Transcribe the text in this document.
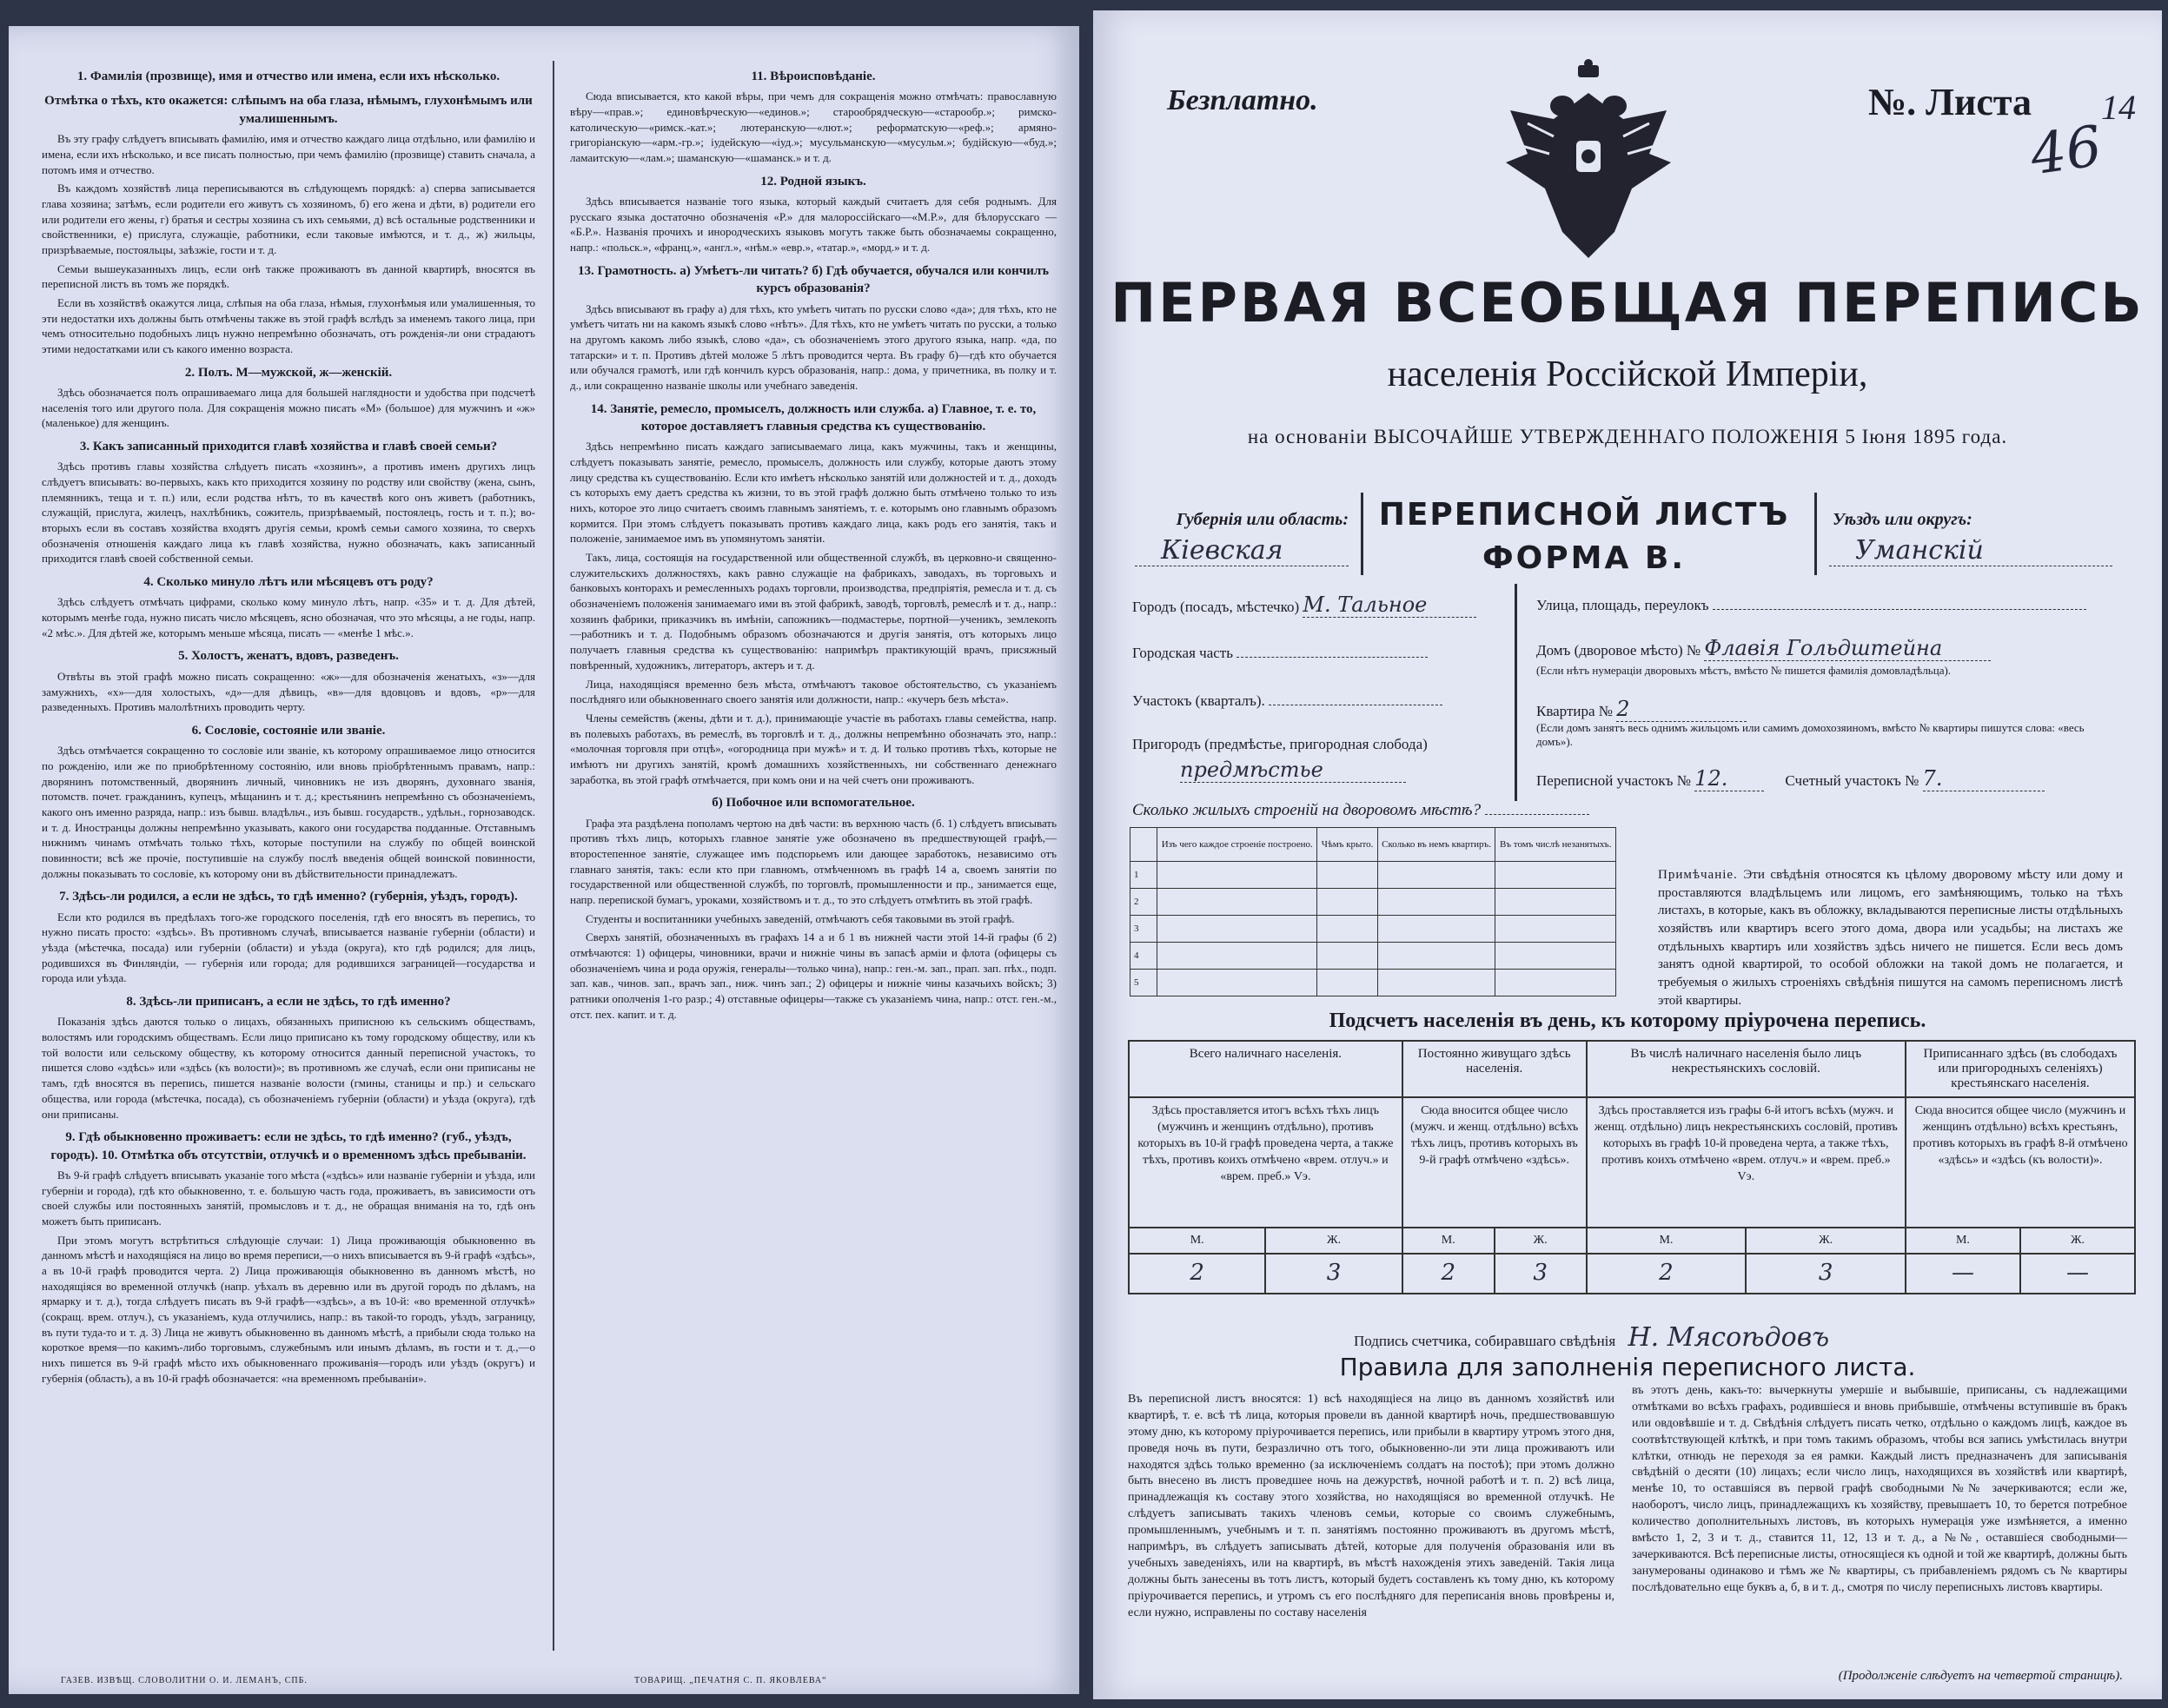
1. Фамилія (прозвище), имя и отчество или имена, если ихъ нѣсколько.
Отмѣтка о тѣхъ, кто окажется: слѣпымъ на оба глаза, нѣмымъ, глухонѣмымъ или умалишеннымъ.

Въ эту графу слѣдуетъ вписывать фамилію, имя и отчество каждаго лица отдѣльно, или фамилію и имена, если ихъ нѣсколько, и все писать полностью, при чемъ фамилію (прозвище) ставить сначала, а потомъ имя и отчество.

Въ каждомъ хозяйствѣ лица переписываются въ слѣдующемъ порядкѣ: а) сперва записывается глава хозяина; затѣмъ, если родители его живутъ съ хозяиномъ, б) его жена и дѣти, в) родители его или родители его жены, г) братья и сестры хозяина съ ихъ семьями, д) всѣ остальные родственники и свойственники, е) прислуга, служащіе, работники, если таковые имѣются, и т. д., ж) жильцы, призрѣваемые, постояльцы, заѣзжіе, гости и т. д.

Семьи вышеуказанныхъ лицъ, если онѣ также проживаютъ въ данной квартирѣ, вносятся въ переписной листъ въ томъ же порядкѣ.

Если въ хозяйствѣ окажутся лица, слѣпыя на оба глаза, нѣмыя, глухонѣмыя или умалишенныя, то эти недостатки ихъ должны быть отмѣчены также въ этой графѣ вслѣдъ за именемъ такого лица, при чемъ относительно подобныхъ лицъ нужно непремѣнно обозначать, отъ рожденія-ли они страдаютъ этими недостатками или съ какого именно возраста.

2. Полъ. М—мужской, ж—женскій.

Здѣсь обозначается полъ опрашиваемаго лица для большей наглядности и удобства при подсчетѣ населенія того или другого пола. Для сокращенія можно писать «М» (большое) для мужчинъ и «ж» (маленькое) для женщинъ.

3. Какъ записанный приходится главѣ хозяйства и главѣ своей семьи?

Здѣсь противъ главы хозяйства слѣдуетъ писать «хозяинъ», а противъ именъ другихъ лицъ слѣдуетъ вписывать: во-первыхъ, какъ кто приходится хозяину по родству или свойству (жена, сынъ, племянникъ, теща и т. п.) или, если родства нѣтъ, то въ качествѣ кого онъ живетъ (работникъ, служащій, прислуга, жилецъ, нахлѣбникъ, сожитель, призрѣваемый, постоялецъ, гость и т. п.); во-вторыхъ если въ составъ хозяйства входятъ другія семьи, кромѣ семьи самого хозяина, то сверхъ обозначенія отношенія каждаго лица къ главѣ хозяйства, нужно обозначать, какъ записанный приходится главѣ своей собственной семьи.

4. Сколько минуло лѣтъ или мѣсяцевъ отъ роду?

Здѣсь слѣдуетъ отмѣчать цифрами, сколько кому минуло лѣтъ, напр. «35» и т. д. Для дѣтей, которымъ менѣе года, нужно писать число мѣсяцевъ, ясно обозначая, что это мѣсяцы, а не годы, напр. «2 мѣс.». Для дѣтей же, которымъ меньше мѣсяца, писать — «менѣе 1 мѣс.».

5. Холостъ, женатъ, вдовъ, разведенъ.

Отвѣты въ этой графѣ можно писать сокращенно: «ж»—для обозначенія женатыхъ, «з»—для замужнихъ, «х»—для холостыхъ, «д»—для дѣвицъ, «в»—для вдовцовъ и вдовъ, «р»—для разведенныхъ. Противъ малолѣтнихъ проводить черту.

6. Сословіе, состояніе или званіе.

Здѣсь отмѣчается сокращенно то сословіе или званіе, къ которому опрашиваемое лицо относится по рожденію, или же по приобрѣтенному состоянію, или вновь пріобрѣтеннымъ правамъ, напр.: дворянинъ потомственный, дворянинъ личный, чиновникъ не изъ дворянъ, духовнаго званія, потомств. почет. гражданинъ, купецъ, мѣщанинъ и т. д.; крестьянинъ непремѣнно съ обозначеніемъ, какого онъ именно разряда, напр.: изъ бывш. владѣльч., изъ бывш. государств., удѣльн., горнозаводск. и т. д. Иностранцы должны непремѣнно указывать, какого они государства подданные. Отставнымъ нижнимъ чинамъ отмѣчать только тѣхъ, которые поступили на службу по общей воинской повинности; всѣ же прочіе, поступившіе на службу послѣ введенія общей воинской повинности, должны показывать то сословіе, къ которому они въ дѣйствительности принадлежатъ.

7. Здѣсь-ли родился, а если не здѣсь, то гдѣ именно? (губернія, уѣздъ, городъ).

Если кто родился въ предѣлахъ того-же городского поселенія, гдѣ его вносятъ въ перепись, то нужно писать просто: «здѣсь». Въ противномъ случаѣ, вписывается названіе губерніи (области) и уѣзда (мѣстечка, посада) или губерніи (области) и уѣзда (округа), кто гдѣ родился; для лицъ, родившихся въ Финляндіи, — губернія или города; для родившихся заграницей—государства и города или уѣзда.

8. Здѣсь-ли приписанъ, а если не здѣсь, то гдѣ именно?

Показанія здѣсь даются только о лицахъ, обязанныхъ приписною къ сельскимъ обществамъ, волостямъ или городскимъ обществамъ. Если лицо приписано къ тому городскому обществу, или къ той волости или сельскому обществу, къ которому относится данный переписной участокъ, то пишется слово «здѣсь» или «здѣсь (къ волости)»; въ противномъ же случаѣ, если они приписаны не тамъ, гдѣ вносятся въ перепись, пишется названіе волости (гмины, станицы и пр.) и сельскаго общества, или города (мѣстечка, посада), съ обозначеніемъ губерніи (области) и уѣзда (округа), гдѣ они приписаны.

9. Гдѣ обыкновенно проживаетъ: если не здѣсь, то гдѣ именно? (губ., уѣздъ, городъ). 10. Отмѣтка объ отсутствіи, отлучкѣ и о временномъ здѣсь пребываніи.

Въ 9-й графѣ слѣдуетъ вписывать указаніе того мѣста («здѣсь» или названіе губерніи и уѣзда, или губерніи и города), гдѣ кто обыкновенно, т. е. большую часть года, проживаетъ, въ зависимости отъ своей службы или постоянныхъ занятій, промысловъ и т. д., не обращая вниманія на то, гдѣ онъ можетъ быть приписанъ.

При этомъ могутъ встрѣтиться слѣдующіе случаи: 1) Лица проживающія обыкновенно въ данномъ мѣстѣ и находящіяся на лицо во время переписи,—о нихъ вписывается въ 9-й графѣ «здѣсь», а въ 10-й графѣ проводится черта. 2) Лица проживающія обыкновенно въ данномъ мѣстѣ, но находящіяся во временной отлучкѣ (напр. уѣхалъ въ деревню или въ другой городъ по дѣламъ, на ярмарку и т. д.), тогда слѣдуетъ писать въ 9-й графѣ—«здѣсь», а въ 10-й: «во временной отлучкѣ» (сокращ. врем. отлуч.), съ указаніемъ, куда отлучились, напр.: въ такой-то городъ, уѣздъ, заграницу, въ пути туда-то и т. д. 3) Лица не живутъ обыкновенно въ данномъ мѣстѣ, а прибыли сюда только на короткое время—по какимъ-либо торговымъ, служебнымъ или инымъ дѣламъ, въ гости и т. д.,—о нихъ пишется въ 9-й графѣ мѣсто ихъ обыкновеннаго проживанія—городъ или уѣздъ (округъ) и губернія (область), а въ 10-й графѣ обозначается: «на временномъ пребываніи».

11. Вѣроисповѣданіе.

Сюда вписывается, кто какой вѣры, при чемъ для сокращенія можно отмѣчать: православную вѣру—«прав.»; единовѣрческую—«единов.»; старообрядческую—«старообр.»; римско-католическую—«римск.-кат.»; лютеранскую—«лют.»; реформатскую—«реф.»; армяно-григоріанскую—«арм.-гр.»; іудейскую—«іуд.»; мусульманскую—«мусульм.»; будійскую—«буд.»; ламаитскую—«лам.»; шаманскую—«шаманск.» и т. д.

12. Родной языкъ.

Здѣсь вписывается названіе того языка, который каждый считаетъ для себя роднымъ. Для русскаго языка достаточно обозначенія «Р.» для малороссійскаго—«М.Р.», для бѣлорусскаго — «Б.Р.». Названія прочихъ и инородческихъ языковъ могутъ также быть обозначаемы сокращенно, напр.: «польск.», «франц.», «англ.», «нѣм.» «евр.», «татар.», «морд.» и т. д.

13. Грамотность. а) Умѣетъ-ли читать? б) Гдѣ обучается, обучался или кончилъ курсъ образованія?

Здѣсь вписывают въ графу а) для тѣхъ, кто умѣетъ читать по русски слово «да»; для тѣхъ, кто не умѣетъ читать ни на какомъ языкѣ слово «нѣтъ». Для тѣхъ, кто не умѣетъ читать по русски, а только на другомъ какомъ либо языкѣ, слово «да», съ обозначеніемъ этого другого языка, напр. «да, по татарски» и т. п. Противъ дѣтей моложе 5 лѣтъ проводится черта. Въ графу б)—гдѣ кто обучается или обучался грамотѣ, или гдѣ кончилъ курсъ образованія, напр.: дома, у причетника, въ полку и т. д., или сокращенно названіе школы или учебнаго заведенія.

14. Занятіе, ремесло, промыселъ, должность или служба. а) Главное, т. е. то, которое доставляетъ главныя средства къ существованію.

Здѣсь непремѣнно писать каждаго записываемаго лица, какъ мужчины, такъ и женщины, слѣдуетъ показывать занятіе, ремесло, промыселъ, должность или службу, которые даютъ этому лицу средства къ существованію. Если кто имѣетъ нѣсколько занятій или должностей и т. д., доходъ съ которыхъ ему даетъ средства къ жизни, то въ этой графѣ должно быть отмѣчено только то изъ нихъ, которое это лицо считаетъ своимъ главнымъ занятіемъ, т. е. которымъ оно главнымъ образомъ кормится. При этомъ слѣдуетъ показывать противъ каждаго лица, какъ родъ его занятія, такъ и положеніе, занимаемое имъ въ упомянутомъ занятіи.

Такъ, лица, состоящія на государственной или общественной службѣ, въ церковно-и священно-служительскихъ должностяхъ, какъ равно служащіе на фабрикахъ, заводахъ, въ торговыхъ и банковыхъ конторахъ и ремесленныхъ родахъ торговли, производства, предпріятія, ремесла и т. д. съ обозначеніемъ положенія занимаемаго ими въ этой фабрикѣ, заводѣ, торговлѣ, ремеслѣ и т. д., напр.: хозяинъ фабрики, приказчикъ въ имѣніи, сапожникъ—подмастерье, портной—ученикъ, землекопъ—работникъ и т. д. Подобнымъ образомъ обозначаются и другія занятія, отъ которыхъ лицо получаетъ главныя средства къ существованію: напримѣръ практикующій врачъ, присяжный повѣренный, художникъ, литераторъ, актеръ и т. д.

Лица, находящіяся временно безъ мѣста, отмѣчаютъ таковое обстоятельство, съ указаніемъ послѣдняго или обыкновеннаго своего занятія или должности, напр.: «кучеръ безъ мѣста».

Члены семействъ (жены, дѣти и т. д.), принимающіе участіе въ работахъ главы семейства, напр. въ полевыхъ работахъ, въ ремеслѣ, въ торговлѣ и т. д., должны непремѣнно обозначать это, напр.: «молочная торговля при отцѣ», «огородница при мужѣ» и т. д. И только противъ тѣхъ, которые не имѣютъ ни другихъ занятій, кромѣ домашнихъ хозяйственныхъ, ни собственнаго денежнаго заработка, въ этой графѣ отмѣчается, при комъ они и на чей счетъ они проживаютъ.

б) Побочное или вспомогательное.

Графа эта раздѣлена пополамъ чертою на двѣ части: въ верхнюю часть (б. 1) слѣдуетъ вписывать противъ тѣхъ лицъ, которыхъ главное занятіе уже обозначено въ предшествующей графѣ,—второстепенное занятіе, служащее имъ подспорьемъ или дающее заработокъ, независимо отъ главнаго занятія, такъ: если кто при главномъ, отмѣченномъ въ графѣ 14 а, своемъ занятіи по государственной или общественной службѣ, по торговлѣ, промышленности и пр., занимается еще, напр. перепиской бумагъ, уроками, хозяйствомъ и т. д., то это слѣдуетъ отмѣтить въ этой графѣ.

Студенты и воспитанники учебныхъ заведеній, отмѣчаютъ себя таковыми въ этой графѣ.

Сверхъ занятій, обозначенныхъ въ графахъ 14 а и б 1 въ нижней части этой 14-й графы (б 2) отмѣчаются: 1) офицеры, чиновники, врачи и нижніе чины въ запасѣ арміи и флота (офицеры съ обозначеніемъ чина и рода оружія, генералы—только чина), напр.: ген.-м. зап., прап. зап. пѣх., подп. зап. кав., чинов. зап., врачъ зап., ниж. чинъ зап.; 2) офицеры и нижніе чины казачьихъ войскъ; 3) ратники ополченія 1-го разр.; 4) отставные офицеры—также съ указаніемъ чина, напр.: отст. ген.-м., отст. пех. капит. и т. д.

ГАЗЕВ. ИЗВѢЩ. СЛОВОЛИТНИ О. И. ЛЕМАНЪ, СПБ.	ТОВАРИЩ. „ПЕЧАТНЯ С. П. ЯКОВЛЕВА“
Безплатно.	№. Листа
46
14
ПЕРВАЯ ВСЕОБЩАЯ ПЕРЕПИСЬ
населенія Россійской Имперіи,
на основаніи ВЫСОЧАЙШЕ УТВЕРЖДЕННАГО ПОЛОЖЕНІЯ 5 Іюня 1895 года.
Губернія или область:
Кіевская
ПЕРЕПИСНОЙ ЛИСТЪ
ФОРМА В.
Уѣздъ или округъ:
Уманскій
Городъ (посадъ, мѣстечко) М. Тальное
Городская часть
Участокъ (кварталъ).
Пригородъ (предмѣстье, пригородная слобода)
предмѣстье
Улица, площадь, переулокъ
Домъ (дворовое мѣсто) № Флавія Гольдштейна
(Если нѣтъ нумераціи дворовыхъ мѣстъ, вмѣсто № пишется фамилія домовладѣльца).
Квартира № 2
(Если домъ занятъ весь однимъ жильцомъ или самимъ домохозяиномъ, вмѣсто № квартиры пишутся слова: «весь домъ»).
Переписной участокъ № 12.	Счетный участокъ № 7.
Сколько жилыхъ строеній на дворовомъ мѣстѣ?
	Изъ чего каждое строеніе построено.	Чѣмъ крыто.	Сколько въ немъ квартиръ.	Въ томъ числѣ незанятыхъ.
1				
2				
3				
4				
5				
Примѣчаніе. Эти свѣдѣнія относятся къ цѣлому дворовому мѣсту или дому и проставляются владѣльцемъ или лицомъ, его замѣняющимъ, только на тѣхъ листахъ, в которые, какъ въ обложку, вкладываются переписные листы отдѣльныхъ хозяйствъ или квартиръ всего этого дома, двора или усадьбы; на листахъ же отдѣльныхъ квартиръ или хозяйствъ здѣсь ничего не пишется. Если весь домъ занятъ одной квартирой, то особой обложки на такой домъ не полагается, и требуемыя о жилыхъ строеніяхъ свѣдѣнія пишутся на самомъ переписномъ листѣ этой квартиры.
Подсчетъ населенія въ день, къ которому пріурочена перепись.
Всего наличнаго населенія.		Постоянно живущаго здѣсь населенія.		Въ числѣ наличнаго населенія было лицъ некрестьянскихъ сословій.		Приписаннаго здѣсь (въ слободахъ или пригородныхъ селеніяхъ) крестьянскаго населенія.	
Здѣсь проставляется итогъ всѣхъ тѣхъ лицъ (мужчинъ и женщинъ отдѣльно), противъ которыхъ въ 10-й графѣ проведена черта, а также тѣхъ, противъ коихъ отмѣчено «врем. отлуч.» и «врем. преб.» Vэ.		Сюда вносится общее число (мужч. и женщ. отдѣльно) всѣхъ тѣхъ лицъ, противъ которыхъ въ 9-й графѣ отмѣчено «здѣсь».		Здѣсь проставляется изъ графы 6-й итогъ всѣхъ (мужч. и женщ. отдѣльно) лицъ некрестьянскихъ сословій, противъ которыхъ въ графѣ 10-й проведена черта, а также тѣхъ, противъ коихъ отмѣчено «врем. отлуч.» и «врем. преб.» Vэ.		Сюда вносится общее число (мужчинъ и женщинъ отдѣльно) всѣхъ крестьянъ, противъ которыхъ въ графѣ 8-й отмѣчено «здѣсь» и «здѣсь (къ волости)».	
М.	Ж.	М.	Ж.	М.	Ж.	М.	Ж.
2	3	2	3	2	3	—	—
Подпись счетчика, собиравшаго свѣдѣнія Н. Мясоѣдовъ
Правила для заполненія переписного листа.
Въ переписной листъ вносятся: 1) всѣ находящіеся на лицо въ данномъ хозяйствѣ или квартирѣ, т. е. всѣ тѣ лица, которыя провели въ данной квартирѣ ночь, предшествовавшую этому дню, къ которому пріурочивается перепись, или прибыли в квартиру утромъ этого дня, проведя ночь въ пути, безразлично отъ того, обыкновенно-ли эти лица проживаютъ или находятся здѣсь только временно (за исключеніемъ солдатъ на постоѣ); при этомъ должно быть внесено въ листъ проведшее ночь на дежурствѣ, ночной работѣ и т. п. 2) всѣ лица, принадлежащія къ составу этого хозяйства, но находящіяся во временной отлучкѣ. Не слѣдуетъ записывать такихъ членовъ семьи, которые со своимъ служебнымъ, промышленнымъ, учебнымъ и т. п. занятіямъ постоянно проживаютъ въ другомъ мѣстѣ, напримѣръ, въ слѣдуетъ записывать дѣтей, которые для полученія образованія или въ учебныхъ заведеніяхъ, или на квартирѣ, въ мѣстѣ нахожденія этихъ заведеній. Такія лица должны быть занесены въ тотъ листъ, который будетъ составленъ къ тому дню, къ которому пріурочивается перепись, и утромъ съ его послѣдняго для переписанія вновь провѣрены и, если нужно, исправлены по составу населенія
въ этотъ день, какъ-то: вычеркнуты умершіе и выбывшіе, приписаны, съ надлежащими отмѣтками во всѣхъ графахъ, родившіеся и вновь прибывшіе, отмѣчены вступившіе въ бракъ или овдовѣвшіе и т. д. Свѣдѣнія слѣдуетъ писать четко, отдѣльно о каждомъ лицѣ, каждое въ соотвѣтствующей клѣткѣ, и при томъ такимъ образомъ, чтобы вся запись умѣстилась внутри клѣтки, отнюдь не переходя за ея рамки. Каждый листъ предназначенъ для записыванія свѣдѣній о десяти (10) лицахъ; если число лицъ, находящихся въ хозяйствѣ или квартирѣ, менѣе 10, то оставшіяся въ первой графѣ свободными №№ зачеркиваются; если же, наоборотъ, число лицъ, принадлежащихъ къ хозяйству, превышаетъ 10, то берется потребное количество дополнительныхъ листовъ, въ которыхъ нумерація уже измѣняется, а именно вмѣсто 1, 2, 3 и т. д., ставится 11, 12, 13 и т. д., а №№, оставшіеся свободными—зачеркиваются. Всѣ переписные листы, относящіеся къ одной и той же квартирѣ, должны быть занумерованы одинаково и тѣмъ же № квартиры, съ прибавленіемъ рядомъ съ № квартиры послѣдовательно еще буквъ а, б, в и т. д., смотря по числу переписныхъ листовъ квартиры.
(Продолженіе слѣдуетъ на четвертой страницѣ).
